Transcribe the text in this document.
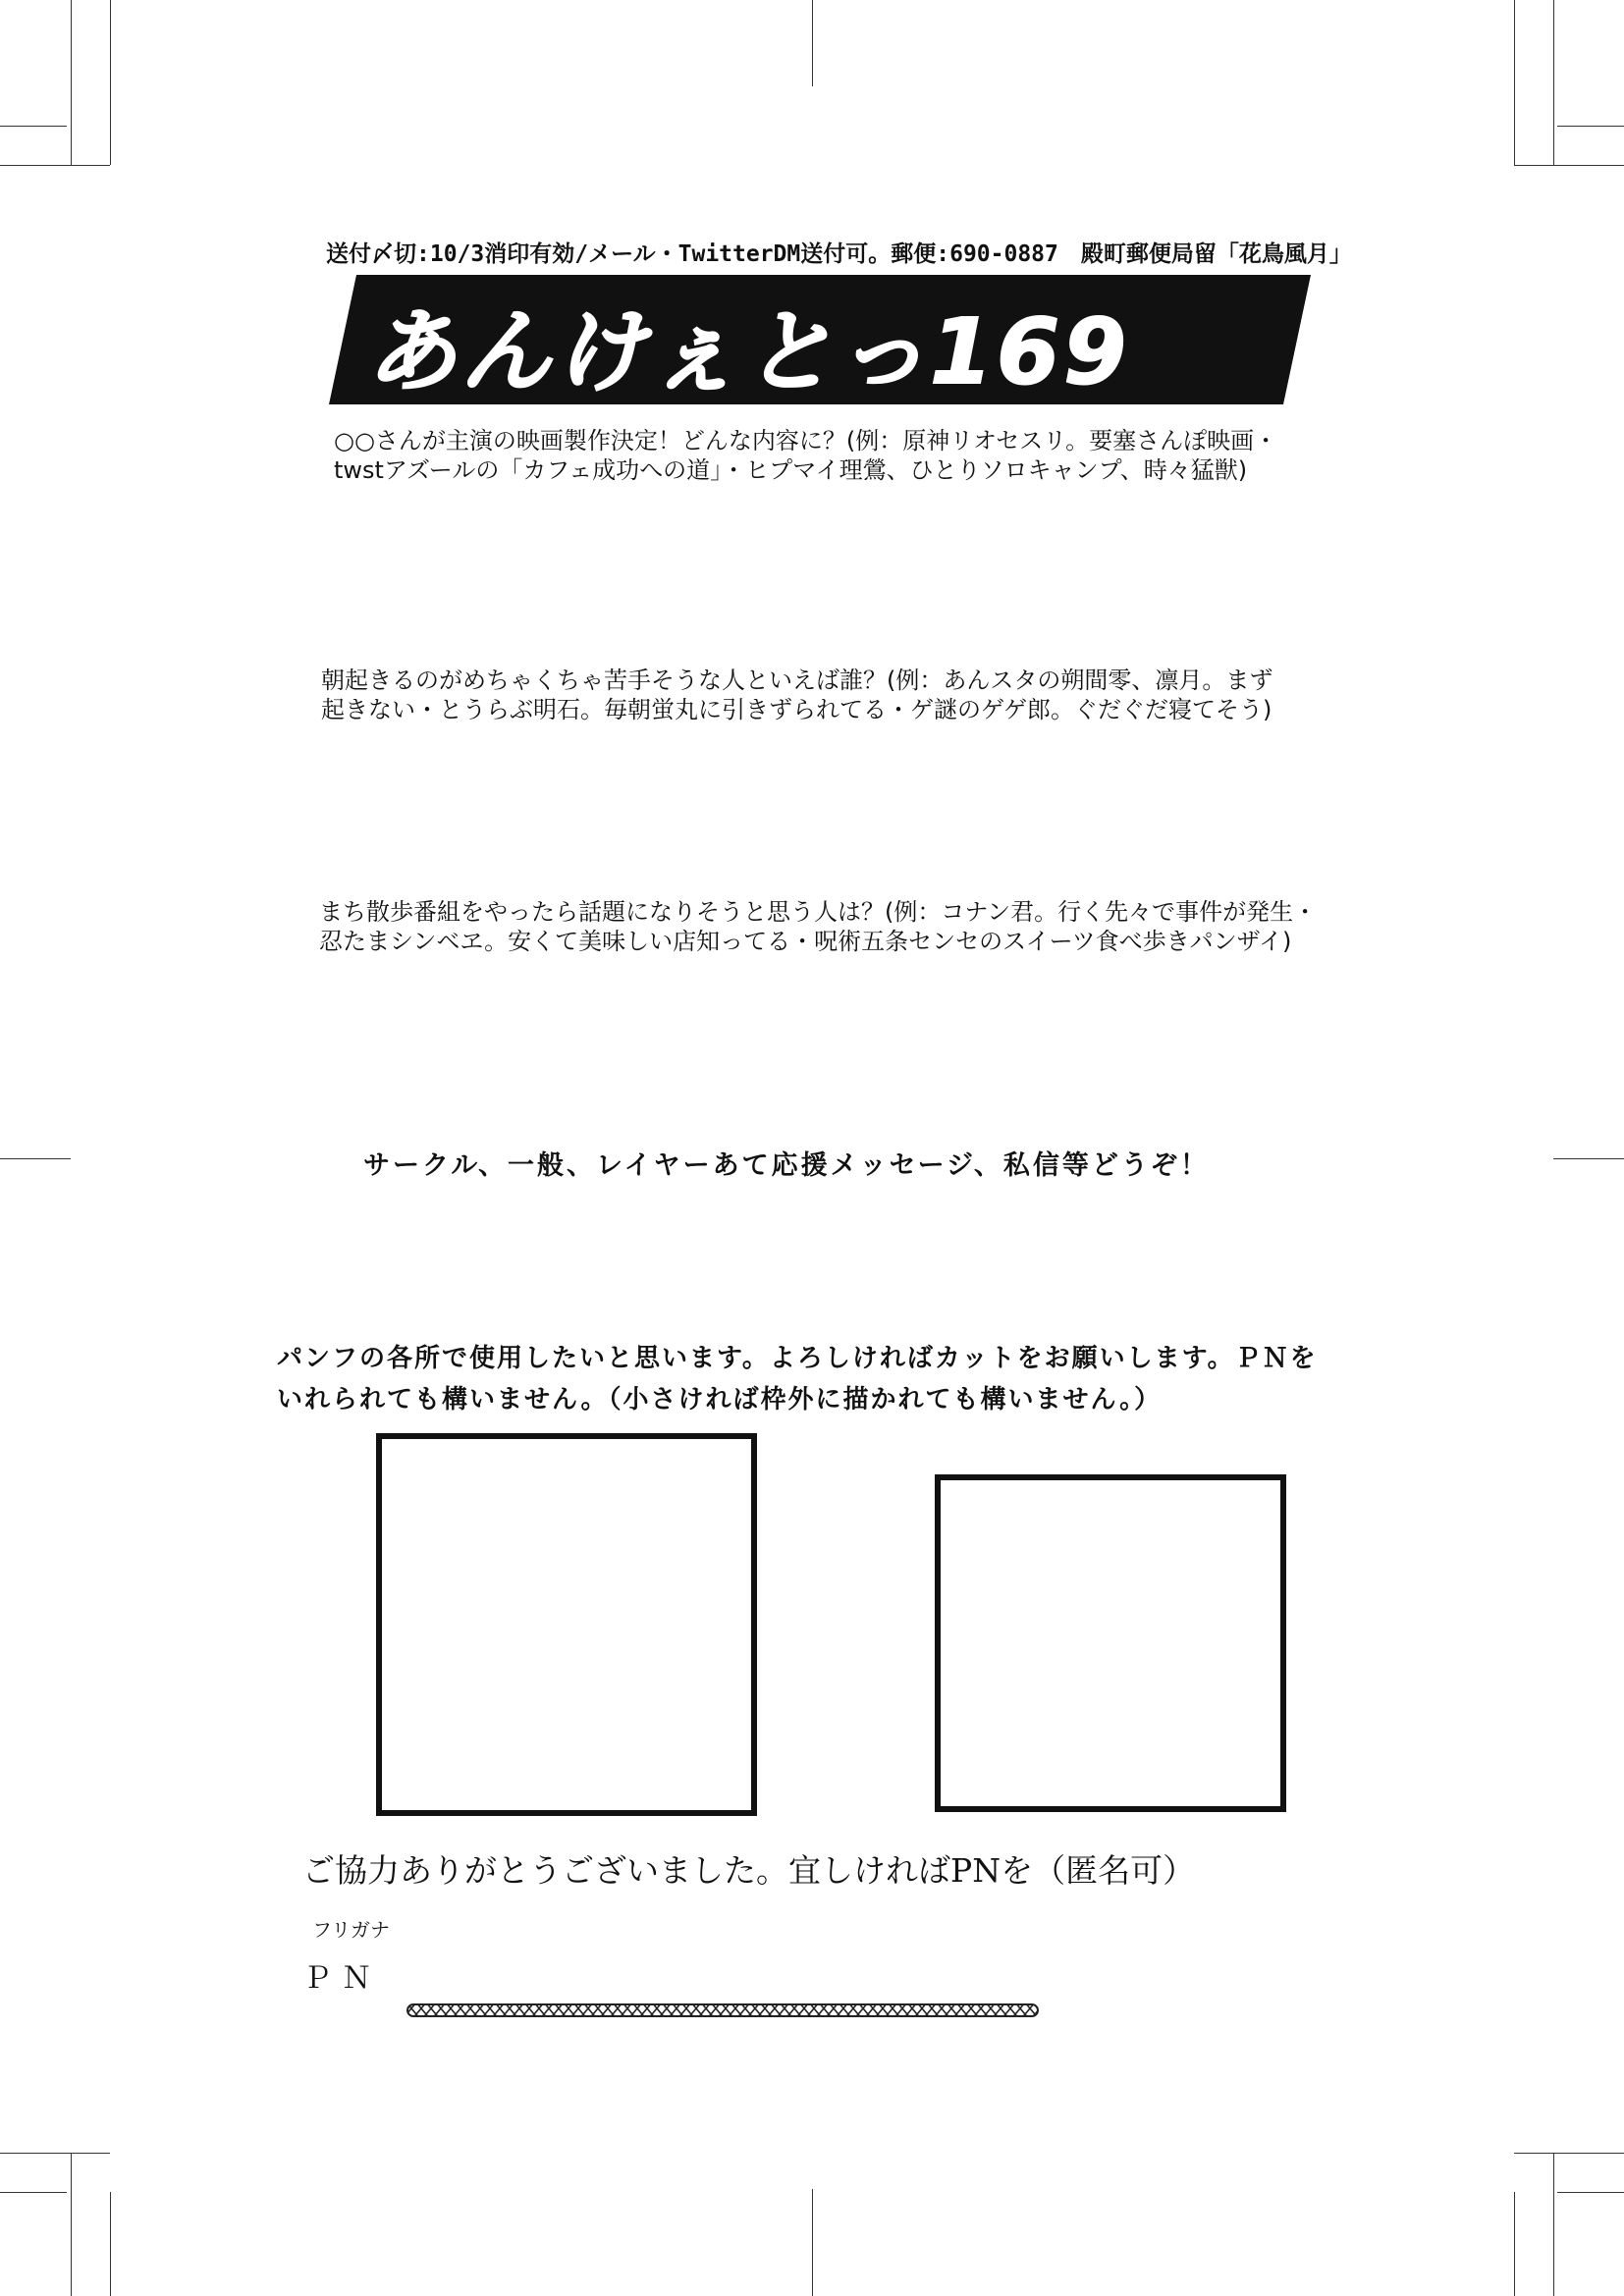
送付〆切:10/3消印有効/メール・TwitterDM送付可。郵便:690-0887　殿町郵便局留「花鳥風月」
あんけぇとっ169
○○さんが主演の映画製作決定！どんな内容に？(例：原神リオセスリ。要塞さんぽ映画・
twstアズールの「カフェ成功への道」・ヒプマイ理鶯、ひとりソロキャンプ、時々猛獣)
朝起きるのがめちゃくちゃ苦手そうな人といえば誰？(例：あんスタの朔間零、凛月。まず
起きない・とうらぶ明石。毎朝蛍丸に引きずられてる・ゲ謎のゲゲ郎。ぐだぐだ寝てそう)
まち散歩番組をやったら話題になりそうと思う人は？(例：コナン君。行く先々で事件が発生・
忍たまシンベヱ。安くて美味しい店知ってる・呪術五条センセのスイーツ食べ歩きパンザイ)
サークル、一般、レイヤーあて応援メッセージ、私信等どうぞ！
パンフの各所で使用したいと思います。よろしければカットをお願いします。ＰＮを
いれられても構いません。（小さければ枠外に描かれても構いません。）
ご協力ありがとうございました。宜しければPNを（匿名可）
フリガナ
ＰＮ
